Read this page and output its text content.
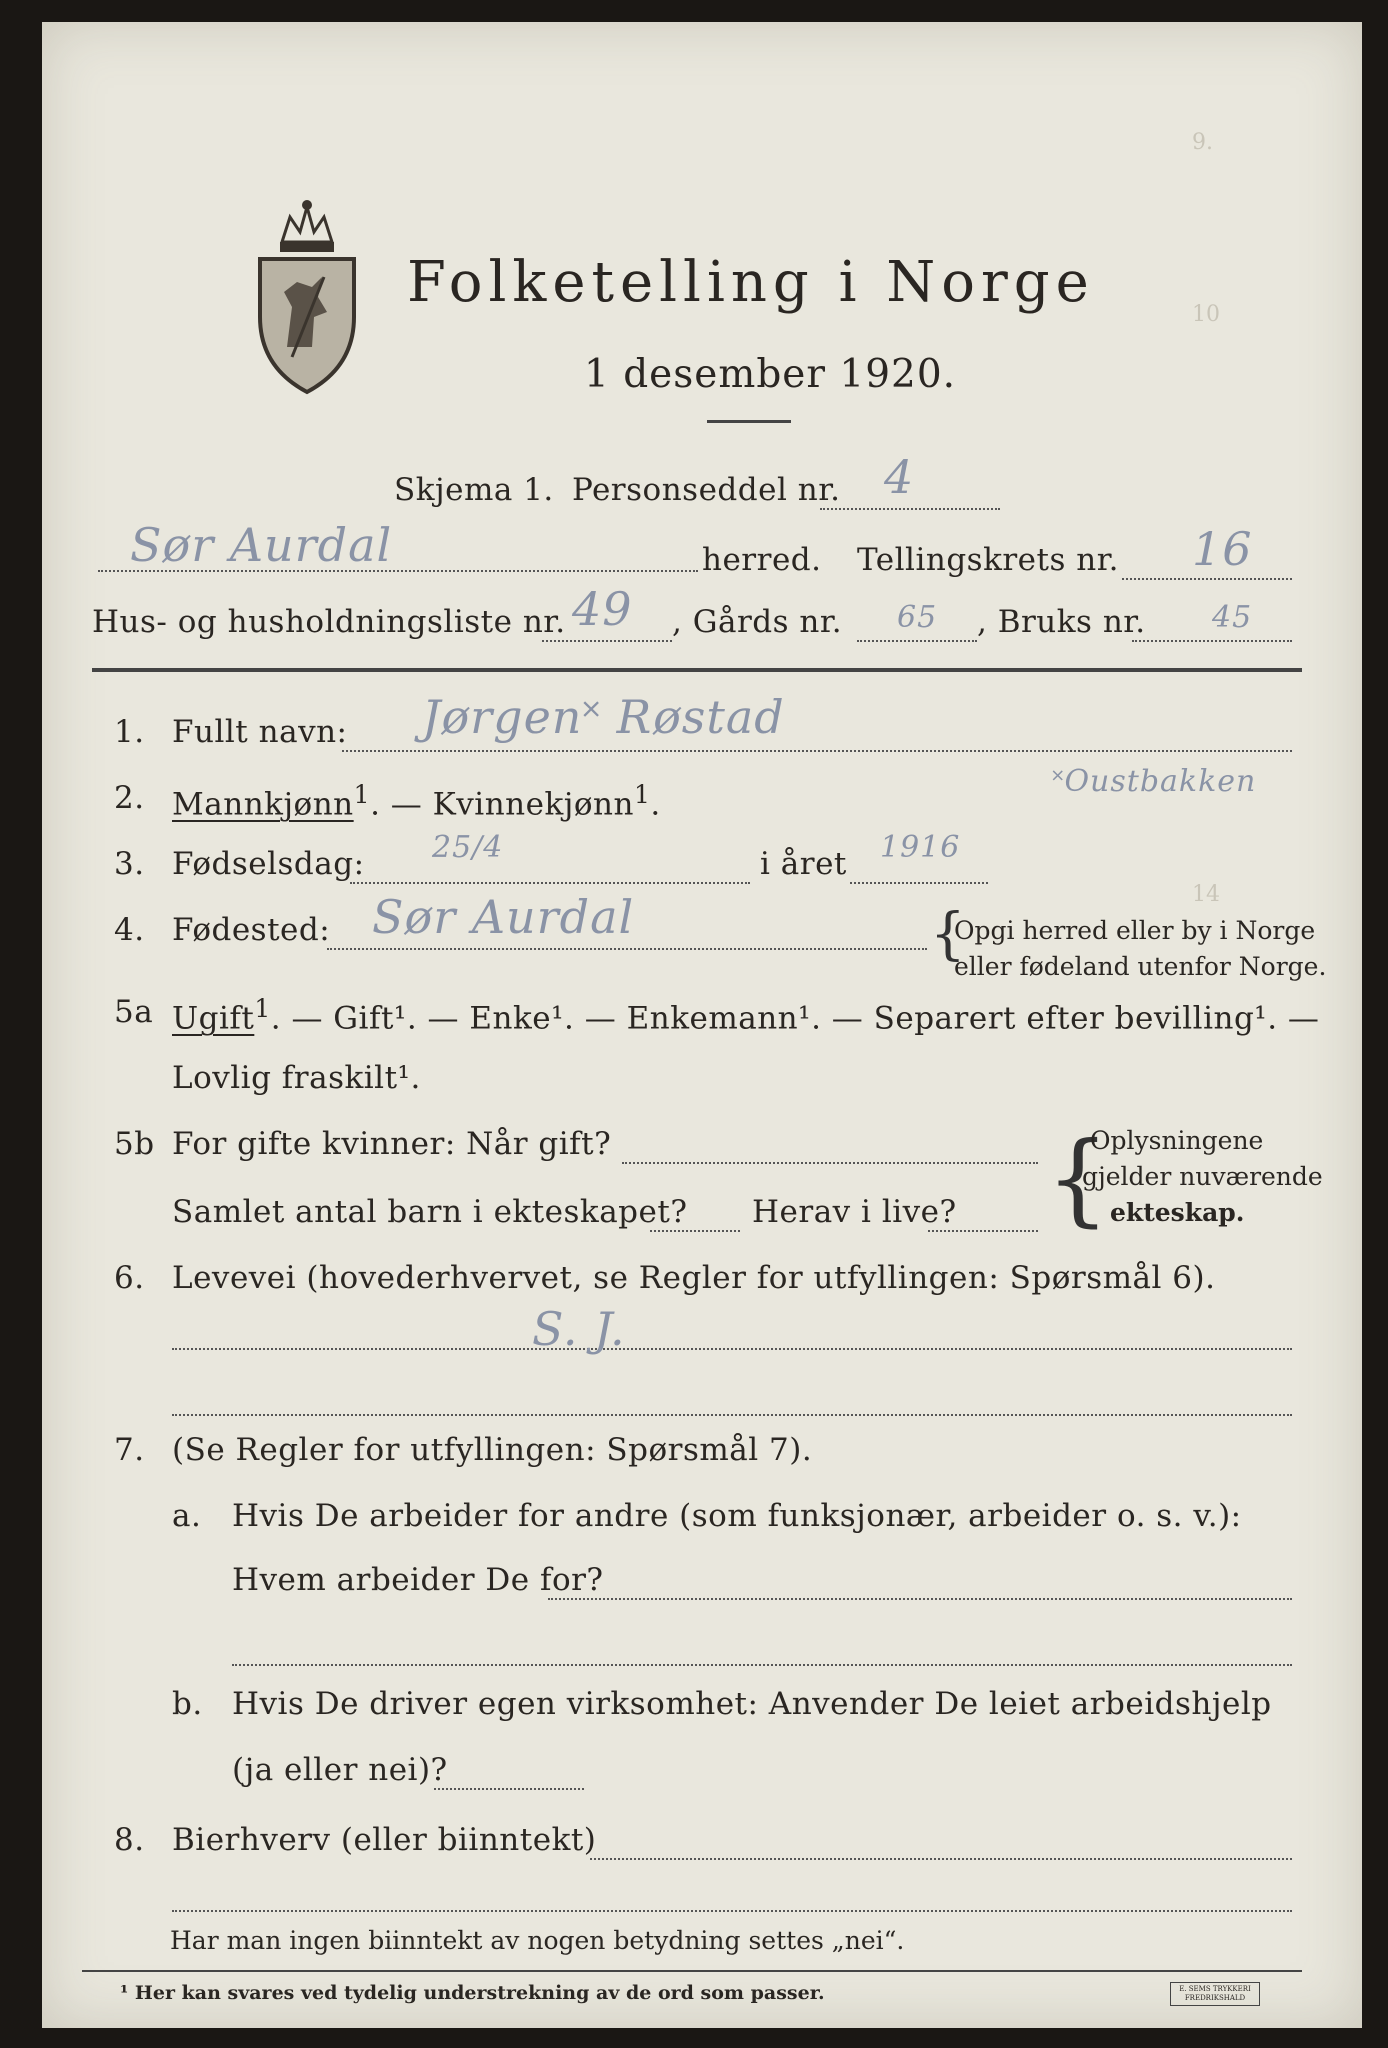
9.
10
14
Folketelling i Norge
1 desember 1920.
Skjema 1. Personseddel nr. 4
Sør Aurdal	herred. Tellingskrets nr. 16
Hus- og husholdningsliste nr. 49 , Gårds nr. 65 , Bruks nr. 45
1. Fullt navn: Jørgen˟ Røstad
˟Oustbakken
2. Mannkjønn$^1$. — Kvinnekjønn$^1$.
3. Fødselsdag: 25/4	i året 1916
4. Fødested: Sør Aurdal	{
Opgi herred eller by i Norge
eller fødeland utenfor Norge.
5a Ugift$^1$. — Gift¹. — Enke¹. — Enkemann¹. — Separert efter bevilling¹. —
Lovlig fraskilt¹.
5b For gifte kvinner: Når gift?
Samlet antal barn i ekteskapet? Herav i live? {
Oplysningene
gjelder nuværende
ekteskap.
6. Levevei (hovederhvervet, se Regler for utfyllingen: Spørsmål 6).
S. J.
7. (Se Regler for utfyllingen: Spørsmål 7).
a. Hvis De arbeider for andre (som funksjonær, arbeider o. s. v.):
Hvem arbeider De for?
b. Hvis De driver egen virksomhet: Anvender De leiet arbeidshjelp
(ja eller nei)?
8. Bierhverv (eller biinntekt)
Har man ingen biinntekt av nogen betydning settes „nei“.
¹ Her kan svares ved tydelig understrekning av de ord som passer.	E. SEMS TRYKKERI FREDRIKSHALD
